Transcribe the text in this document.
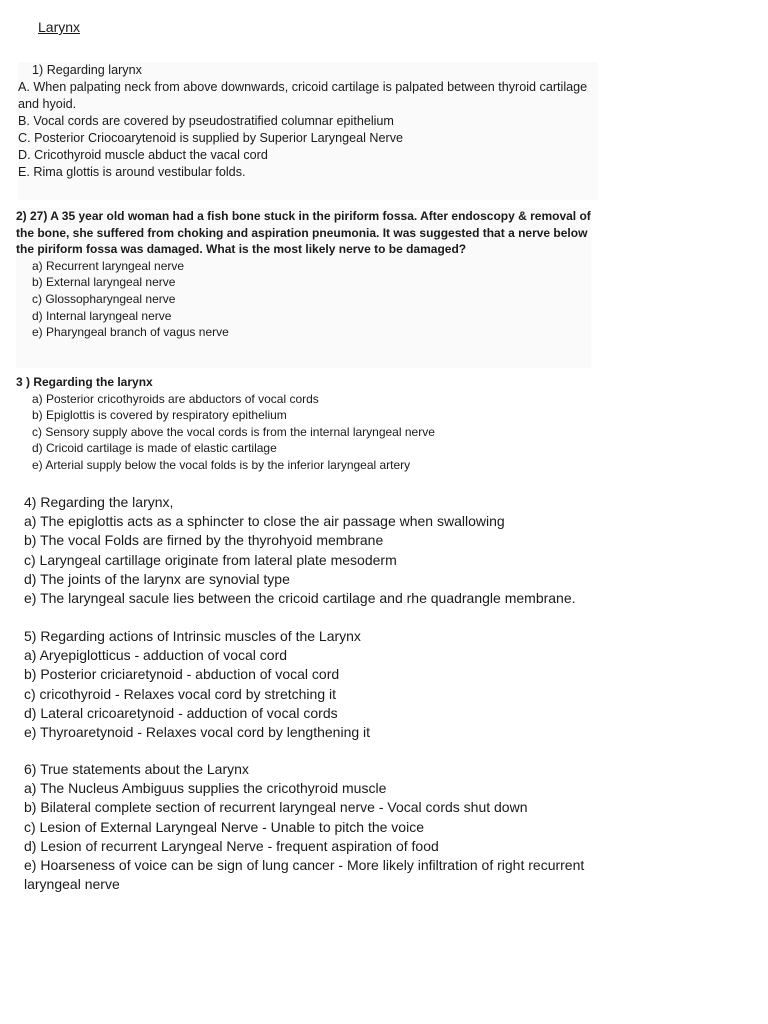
Larynx
1) Regarding larynx
A. When palpating neck from above downwards, cricoid cartilage is palpated between thyroid cartilage and hyoid.
B. Vocal cords are covered by pseudostratified columnar epithelium
C. Posterior Criocoarytenoid is supplied by Superior Laryngeal Nerve
D. Cricothyroid muscle abduct the vacal cord
E. Rima glottis is around vestibular folds.
2) 27) A 35 year old woman had a fish bone stuck in the piriform fossa. After endoscopy & removal of the bone, she suffered from choking and aspiration pneumonia. It was suggested that a nerve below the piriform fossa was damaged. What is the most likely nerve to be damaged?
a) Recurrent laryngeal nerve
b) External laryngeal nerve
c) Glossopharyngeal nerve
d) Internal laryngeal nerve
e) Pharyngeal branch of vagus nerve
3 ) Regarding the larynx
a) Posterior cricothyroids are abductors of vocal cords
b) Epiglottis is covered by respiratory epithelium
c) Sensory supply above the vocal cords is from the internal laryngeal nerve
d) Cricoid cartilage is made of elastic cartilage
e) Arterial supply below the vocal folds is by the inferior laryngeal artery
4) Regarding the larynx,
a) The epiglottis acts as a sphincter to close the air passage when swallowing
b) The vocal Folds are firned by the thyrohyoid membrane
c) Laryngeal cartillage originate from lateral plate mesoderm
d) The joints of the larynx are synovial type
e) The laryngeal sacule lies between the cricoid cartilage and rhe quadrangle membrane.
5) Regarding actions of Intrinsic muscles of the Larynx
a) Aryepiglotticus - adduction of vocal cord
b) Posterior criciaretynoid - abduction of vocal cord
c) cricothyroid - Relaxes vocal cord by stretching it
d) Lateral cricoaretynoid - adduction of vocal cords
e) Thyroaretynoid - Relaxes vocal cord by lengthening it
6) True statements about the Larynx
a) The Nucleus Ambiguus supplies the cricothyroid muscle
b) Bilateral complete section of recurrent laryngeal nerve - Vocal cords shut down
c) Lesion of External Laryngeal Nerve - Unable to pitch the voice
d) Lesion of recurrent Laryngeal Nerve - frequent aspiration of food
e) Hoarseness of voice can be sign of lung cancer - More likely infiltration of right recurrent laryngeal nerve
